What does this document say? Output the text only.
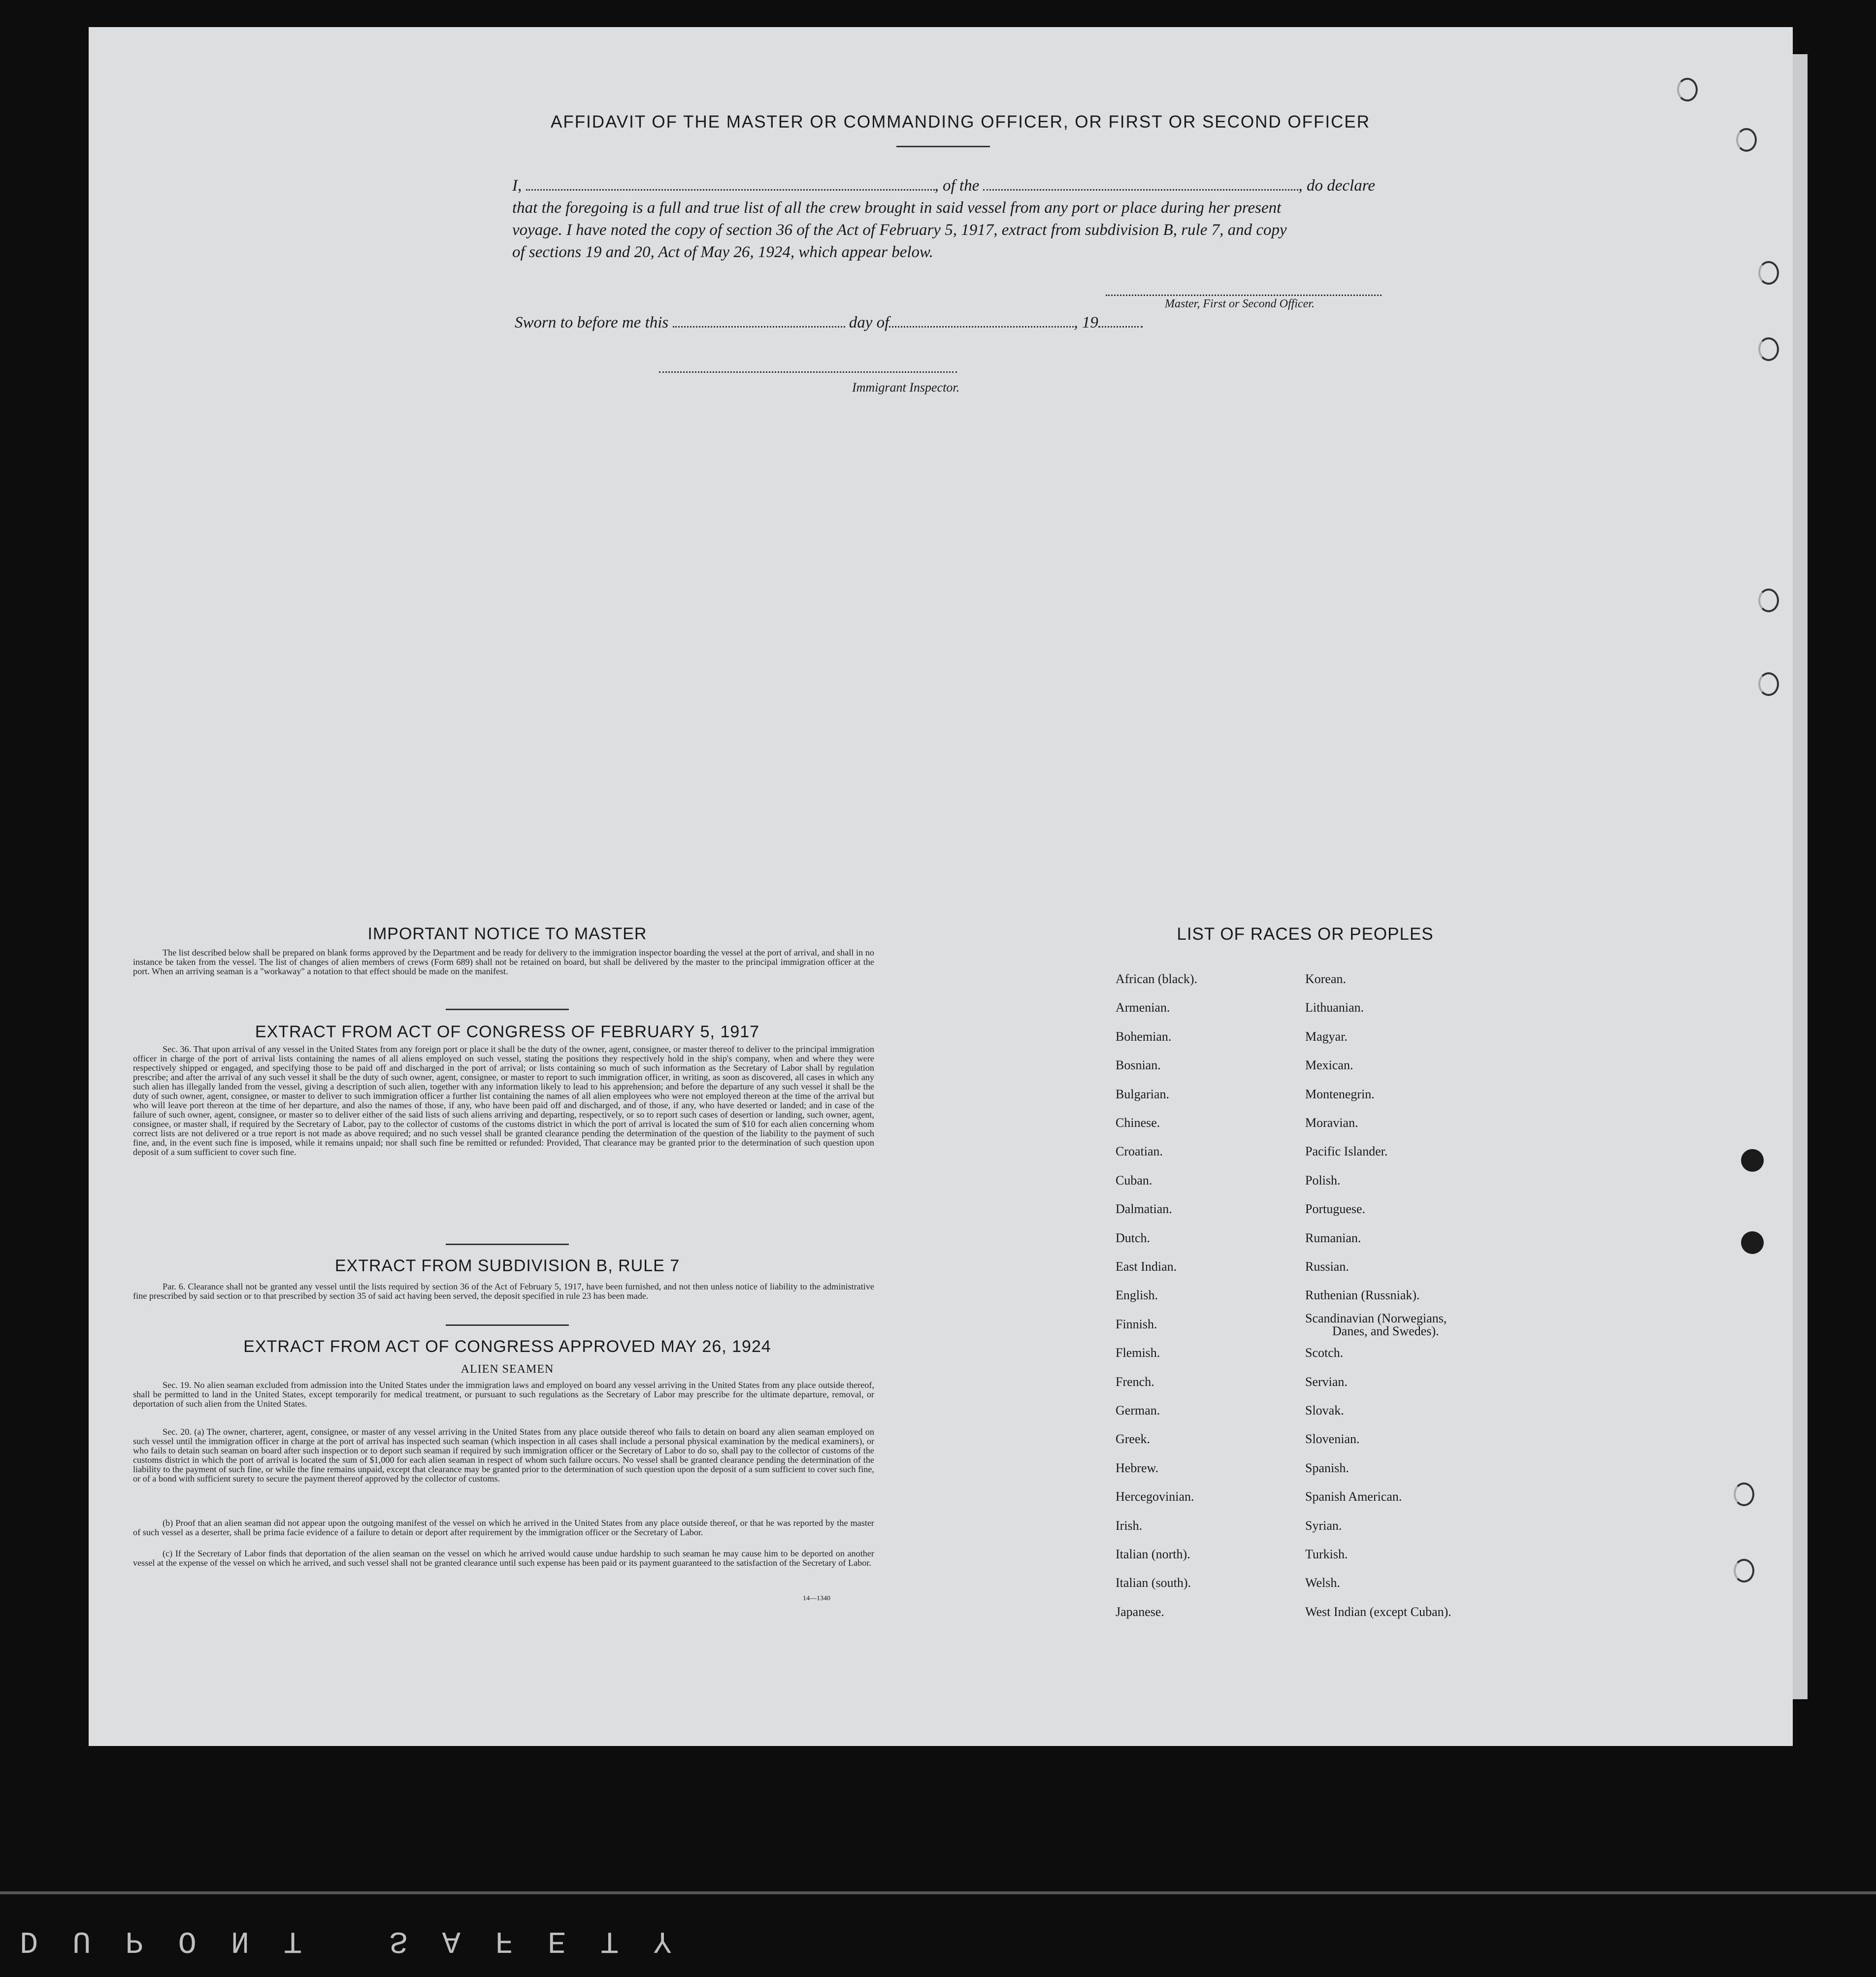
AFFIDAVIT OF THE MASTER OR COMMANDING OFFICER, OR FIRST OR SECOND OFFICER
I,	, of the	, do declare
that the foregoing is a full and true list of all the crew brought in said vessel from any port or place during her present
voyage. I have noted the copy of section 36 of the Act of February 5, 1917, extract from subdivision B, rule 7, and copy
of sections 19 and 20, Act of May 26, 1924, which appear below.
Master, First or Second Officer.
Sworn to before me this	day of	, 19
Immigrant Inspector.
IMPORTANT NOTICE TO MASTER
The list described below shall be prepared on blank forms approved by the Department and be ready for delivery to the immigration inspector boarding the vessel at the port of arrival, and shall in no instance be taken from the vessel. The list of changes of alien members of crews (Form 689) shall not be retained on board, but shall be delivered by the master to the principal immigration officer at the port. When an arriving seaman is a "workaway" a notation to that effect should be made on the manifest.
EXTRACT FROM ACT OF CONGRESS OF FEBRUARY 5, 1917
Sec. 36. That upon arrival of any vessel in the United States from any foreign port or place it shall be the duty of the owner, agent, consignee, or master thereof to deliver to the principal immigration officer in charge of the port of arrival lists containing the names of all aliens employed on such vessel, stating the positions they respectively hold in the ship's company, when and where they were respectively shipped or engaged, and specifying those to be paid off and discharged in the port of arrival; or lists containing so much of such information as the Secretary of Labor shall by regulation prescribe; and after the arrival of any such vessel it shall be the duty of such owner, agent, consignee, or master to report to such immigration officer, in writing, as soon as discovered, all cases in which any such alien has illegally landed from the vessel, giving a description of such alien, together with any information likely to lead to his apprehension; and before the departure of any such vessel it shall be the duty of such owner, agent, consignee, or master to deliver to such immigration officer a further list containing the names of all alien employees who were not employed thereon at the time of the arrival but who will leave port thereon at the time of her departure, and also the names of those, if any, who have been paid off and discharged, and of those, if any, who have deserted or landed; and in case of the failure of such owner, agent, consignee, or master so to deliver either of the said lists of such aliens arriving and departing, respectively, or so to report such cases of desertion or landing, such owner, agent, consignee, or master shall, if required by the Secretary of Labor, pay to the collector of customs of the customs district in which the port of arrival is located the sum of $10 for each alien concerning whom correct lists are not delivered or a true report is not made as above required; and no such vessel shall be granted clearance pending the determination of the question of the liability to the payment of such fine, and, in the event such fine is imposed, while it remains unpaid; nor shall such fine be remitted or refunded: Provided, That clearance may be granted prior to the determination of such question upon deposit of a sum sufficient to cover such fine.
EXTRACT FROM SUBDIVISION B, RULE 7
Par. 6. Clearance shall not be granted any vessel until the lists required by section 36 of the Act of February 5, 1917, have been furnished, and not then unless notice of liability to the administrative fine prescribed by said section or to that prescribed by section 35 of said act having been served, the deposit specified in rule 23 has been made.
EXTRACT FROM ACT OF CONGRESS APPROVED MAY 26, 1924
ALIEN SEAMEN
Sec. 19. No alien seaman excluded from admission into the United States under the immigration laws and employed on board any vessel arriving in the United States from any place outside thereof, shall be permitted to land in the United States, except temporarily for medical treatment, or pursuant to such regulations as the Secretary of Labor may prescribe for the ultimate departure, removal, or deportation of such alien from the United States.
Sec. 20. (a) The owner, charterer, agent, consignee, or master of any vessel arriving in the United States from any place outside thereof who fails to detain on board any alien seaman employed on such vessel until the immigration officer in charge at the port of arrival has inspected such seaman (which inspection in all cases shall include a personal physical examination by the medical examiners), or who fails to detain such seaman on board after such inspection or to deport such seaman if required by such immigration officer or the Secretary of Labor to do so, shall pay to the collector of customs of the customs district in which the port of arrival is located the sum of $1,000 for each alien seaman in respect of whom such failure occurs. No vessel shall be granted clearance pending the determination of the liability to the payment of such fine, or while the fine remains unpaid, except that clearance may be granted prior to the determination of such question upon the deposit of a sum sufficient to cover such fine, or of a bond with sufficient surety to secure the payment thereof approved by the collector of customs.
(b) Proof that an alien seaman did not appear upon the outgoing manifest of the vessel on which he arrived in the United States from any place outside thereof, or that he was reported by the master of such vessel as a deserter, shall be prima facie evidence of a failure to detain or deport after requirement by the immigration officer or the Secretary of Labor.
(c) If the Secretary of Labor finds that deportation of the alien seaman on the vessel on which he arrived would cause undue hardship to such seaman he may cause him to be deported on another vessel at the expense of the vessel on which he arrived, and such vessel shall not be granted clearance until such expense has been paid or its payment guaranteed to the satisfaction of the Secretary of Labor.
14—1340
LIST OF RACES OR PEOPLES
DUPONT SAFETY
African (black).
Armenian.
Bohemian.
Bosnian.
Bulgarian.
Chinese.
Croatian.
Cuban.
Dalmatian.
Dutch.
East Indian.
English.
Finnish.
Flemish.
French.
German.
Greek.
Hebrew.
Hercegovinian.
Irish.
Italian (north).
Italian (south).
Japanese.
Korean.
Lithuanian.
Magyar.
Mexican.
Montenegrin.
Moravian.
Pacific Islander.
Polish.
Portuguese.
Rumanian.
Russian.
Ruthenian (Russniak).
Scandinavian (Norwegians,
Scotch.
Servian.
Slovak.
Slovenian.
Spanish.
Spanish American.
Syrian.
Turkish.
Welsh.
West Indian (except Cuban).
Danes, and Swedes).
